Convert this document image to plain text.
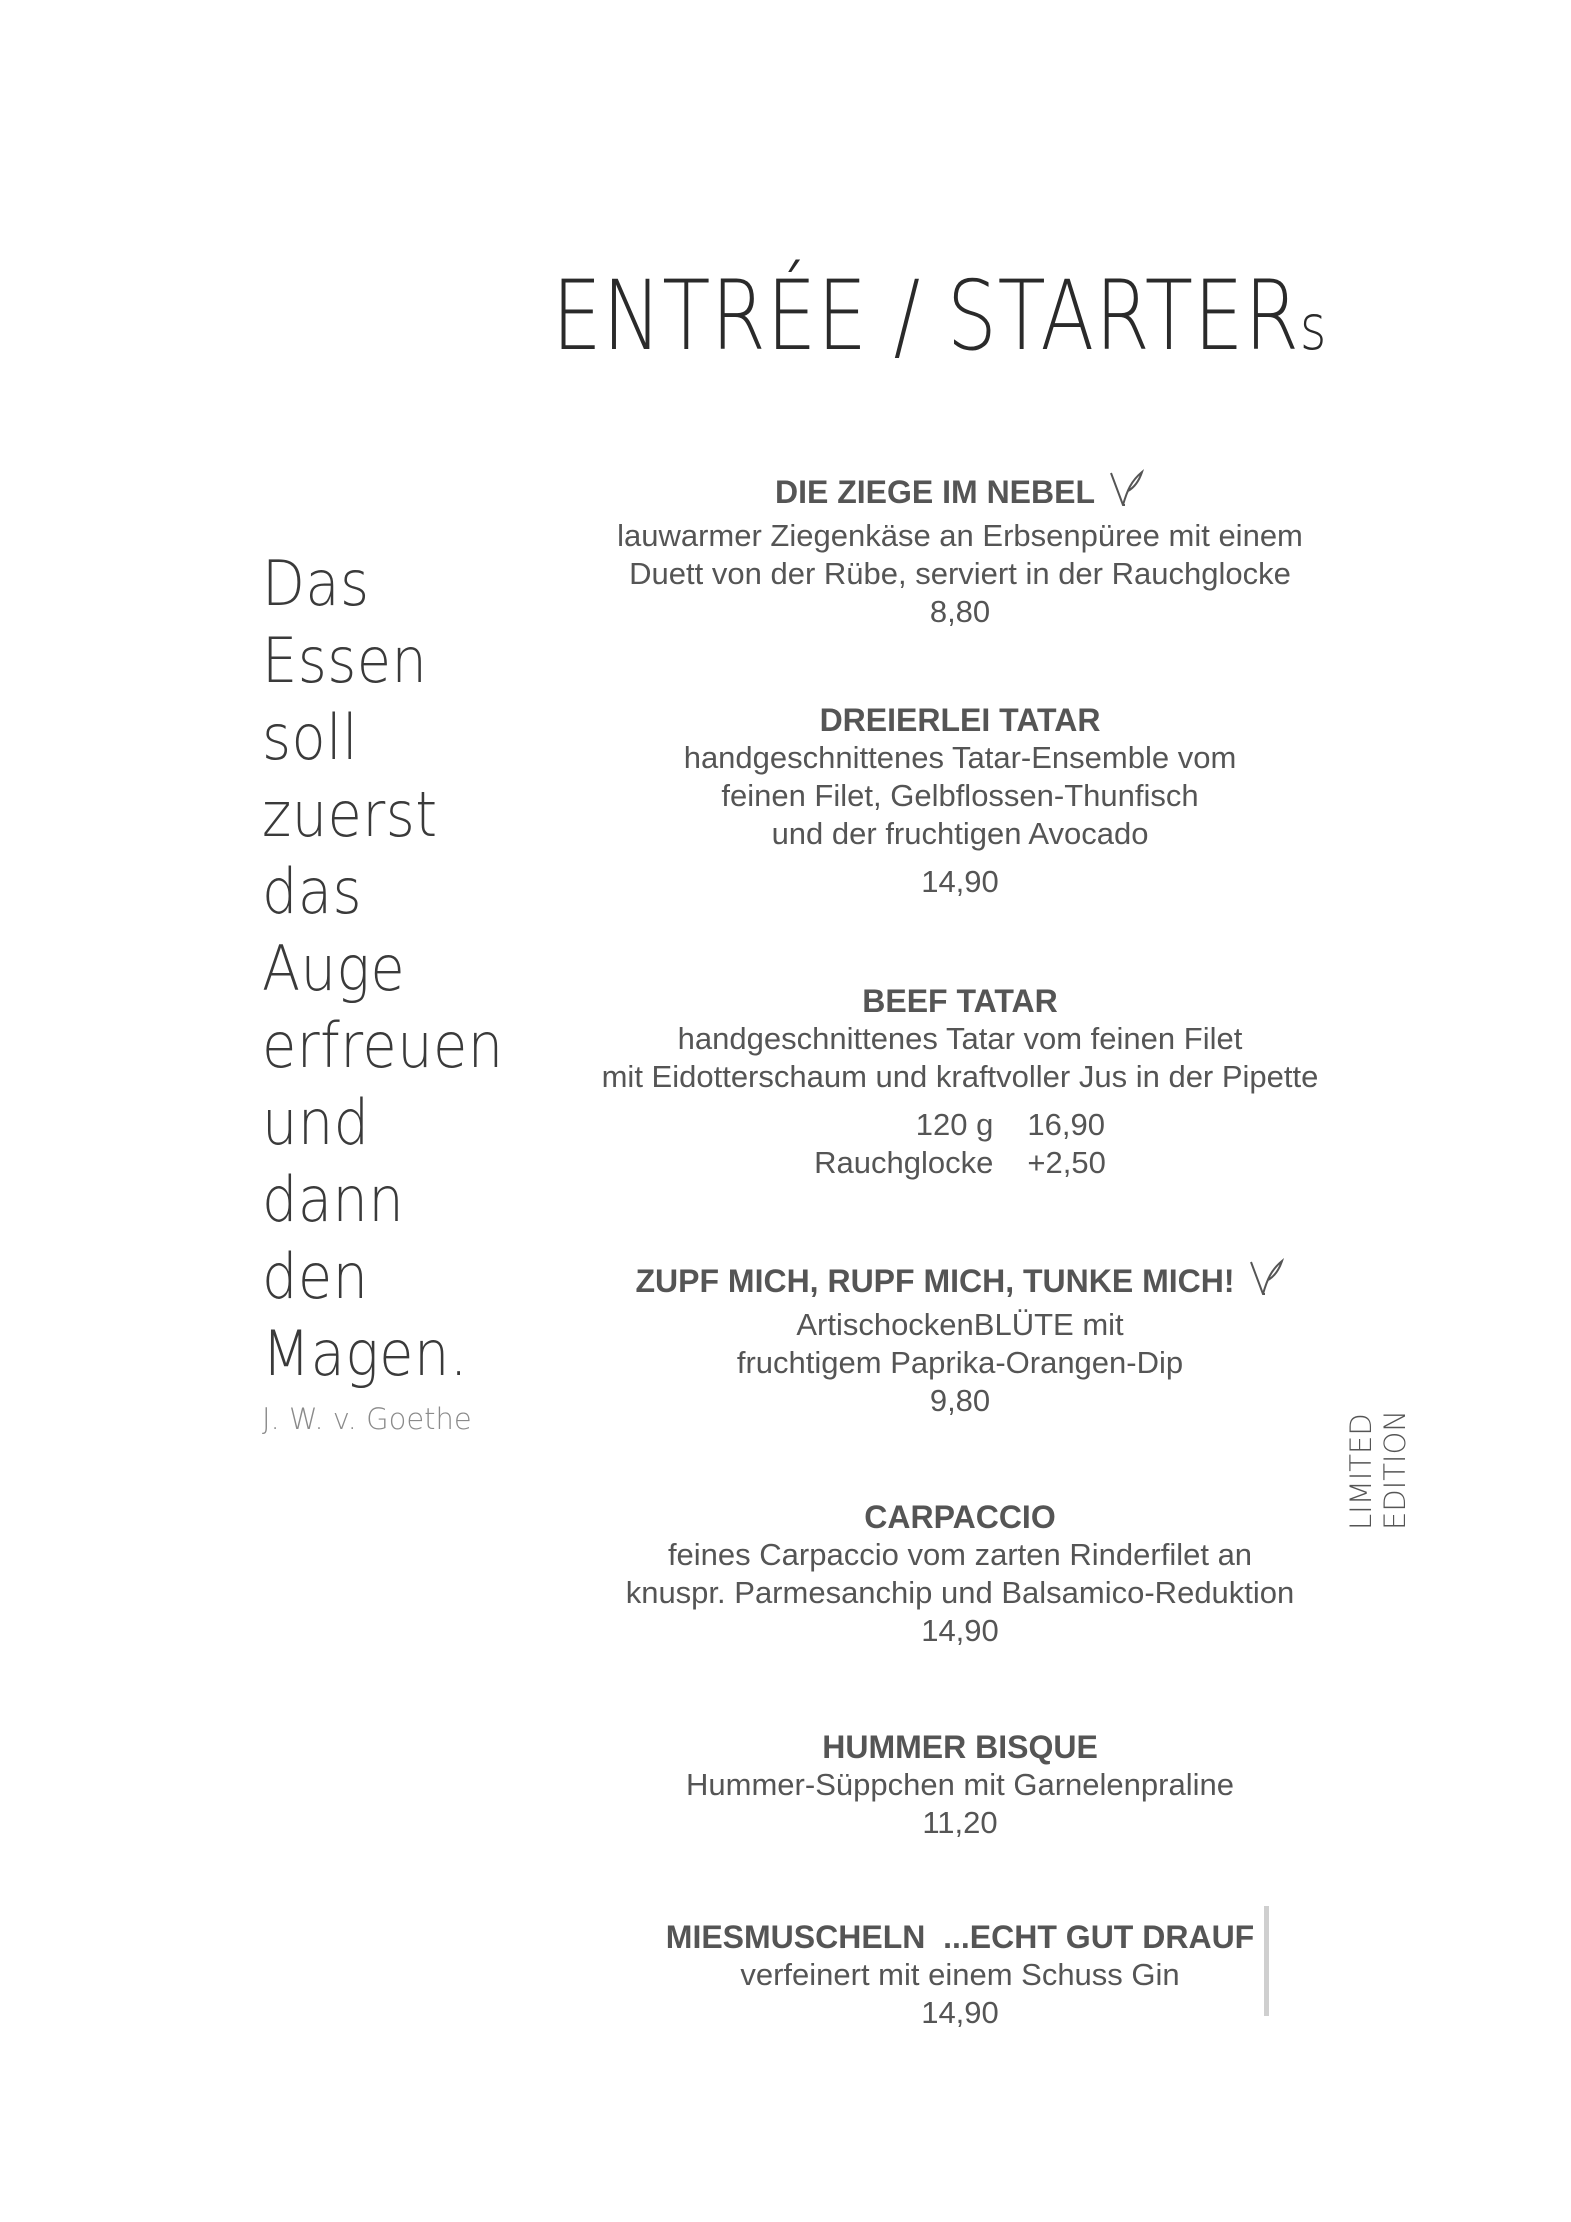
ENTRÉE / STARTERs
Das
Essen
soll
zuerst
das
Auge
erfreuen
und
dann
den
Magen.
J. W. v. Goethe
DIE ZIEGE IM NEBEL
lauwarmer Ziegenkäse an Erbsenpüree mit einem
Duett von der Rübe, serviert in der Rauchglocke
8,80
DREIERLEI TATAR
handgeschnittenes Tatar-Ensemble vom
feinen Filet, Gelbflossen-Thunfisch
und der fruchtigen Avocado
14,90
BEEF TATAR
handgeschnittenes Tatar vom feinen Filet
mit Eidotterschaum und kraftvoller Jus in der Pipette
120 g 16,90
Rauchglocke +2,50
ZUPF MICH, RUPF MICH, TUNKE MICH!
ArtischockenBLÜTE mit
fruchtigem Paprika-Orangen-Dip
9,80
LIMITED EDITION
CARPACCIO
feines Carpaccio vom zarten Rinderfilet an
knuspr. Parmesanchip und Balsamico-Reduktion
14,90
HUMMER BISQUE
Hummer-Süppchen mit Garnelenpraline
11,20
MIESMUSCHELN  ...ECHT GUT DRAUF
verfeinert mit einem Schuss Gin
14,90
